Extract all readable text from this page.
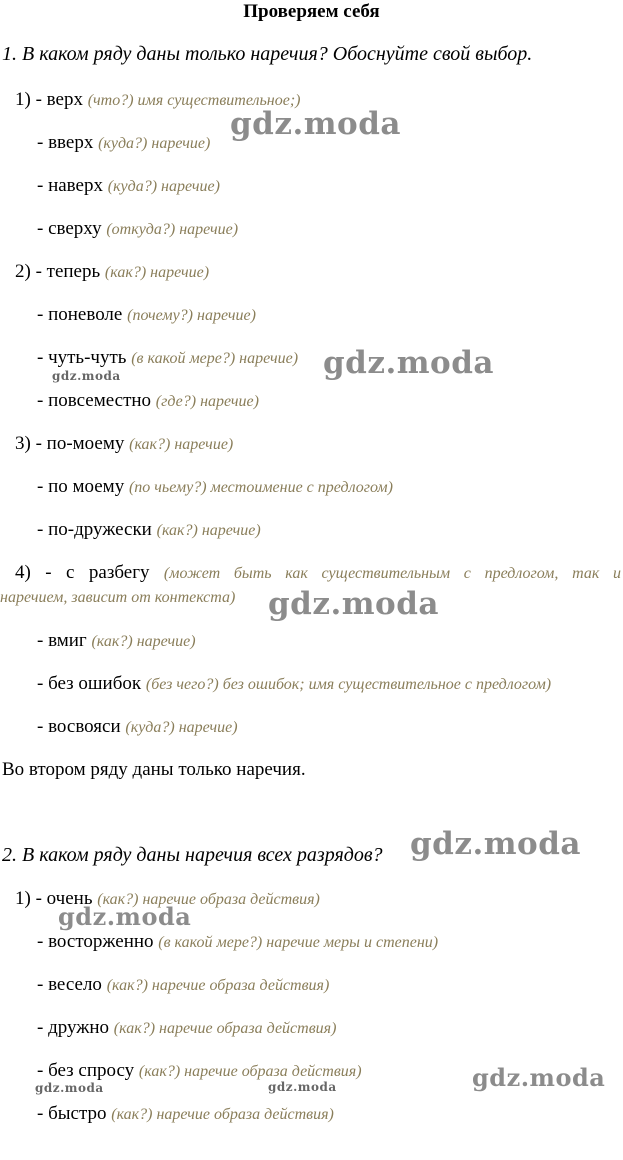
Проверяем себя
1. В каком ряду даны только наречия? Обоснуйте свой выбор.
1) - верх (что?) имя существительное;)
- вверх (куда?) наречие)
- наверх (куда?) наречие)
- сверху (откуда?) наречие)
2) - теперь (как?) наречие)
- поневоле (почему?) наречие)
- чуть-чуть (в какой мере?) наречие)
- повсеместно (где?) наречие)
3) - по-моему (как?) наречие)
- по моему (по чьему?) местоимение с предлогом)
- по-дружески (как?) наречие)
4) - с разбегу (может быть как существительным с предлогом, так и
наречием, зависит от контекста)
- вмиг (как?) наречие)
- без ошибок (без чего?) без ошибок; имя существительное с предлогом)
- восвояси (куда?) наречие)
Во втором ряду даны только наречия.
2. В каком ряду даны наречия всех разрядов?
1) - очень (как?) наречие образа действия)
- восторженно (в какой мере?) наречие меры и степени)
- весело (как?) наречие образа действия)
- дружно (как?) наречие образа действия)
- без спросу (как?) наречие образа действия)
- быстро (как?) наречие образа действия)
gdz.moda
gdz.moda
gdz.moda
gdz.moda
gdz.moda
gdz.moda
gdz.moda	gdz.moda	gdz.moda
